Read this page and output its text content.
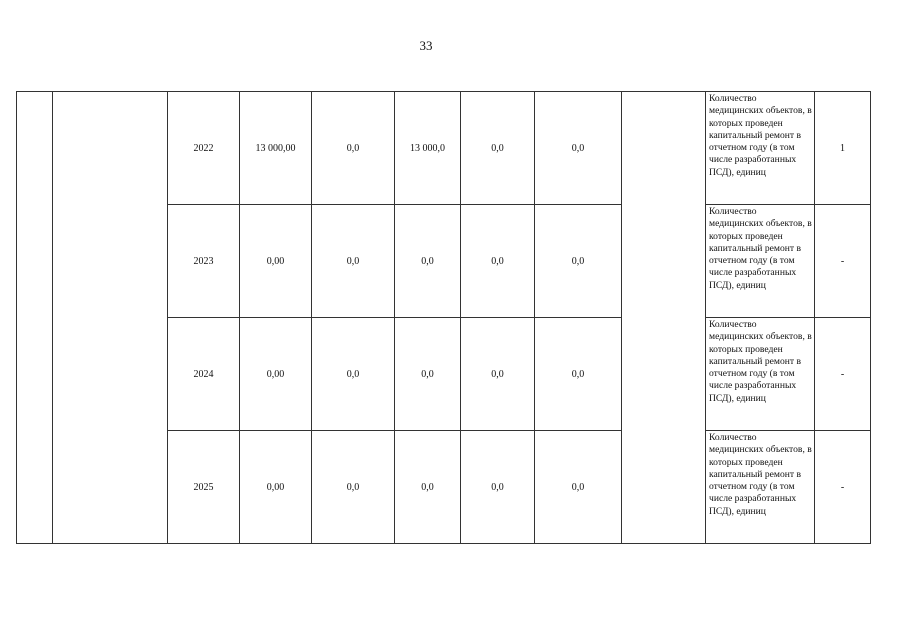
33
		2022	13 000,00	0,0	13 000,0	0,0	0,0		Количество медицинских объектов, в которых проведен капитальный ремонт в отчетном году (в том числе разработанных ПСД), единиц	1
		2023	0,00	0,0	0,0	0,0	0,0		Количество медицинских объектов, в которых проведен капитальный ремонт в отчетном году (в том числе разработанных ПСД), единиц	-
		2024	0,00	0,0	0,0	0,0	0,0		Количество медицинских объектов, в которых проведен капитальный ремонт в отчетном году (в том числе разработанных ПСД), единиц	-
		2025	0,00	0,0	0,0	0,0	0,0		Количество медицинских объектов, в которых проведен капитальный ремонт в отчетном году (в том числе разработанных ПСД), единиц	-
